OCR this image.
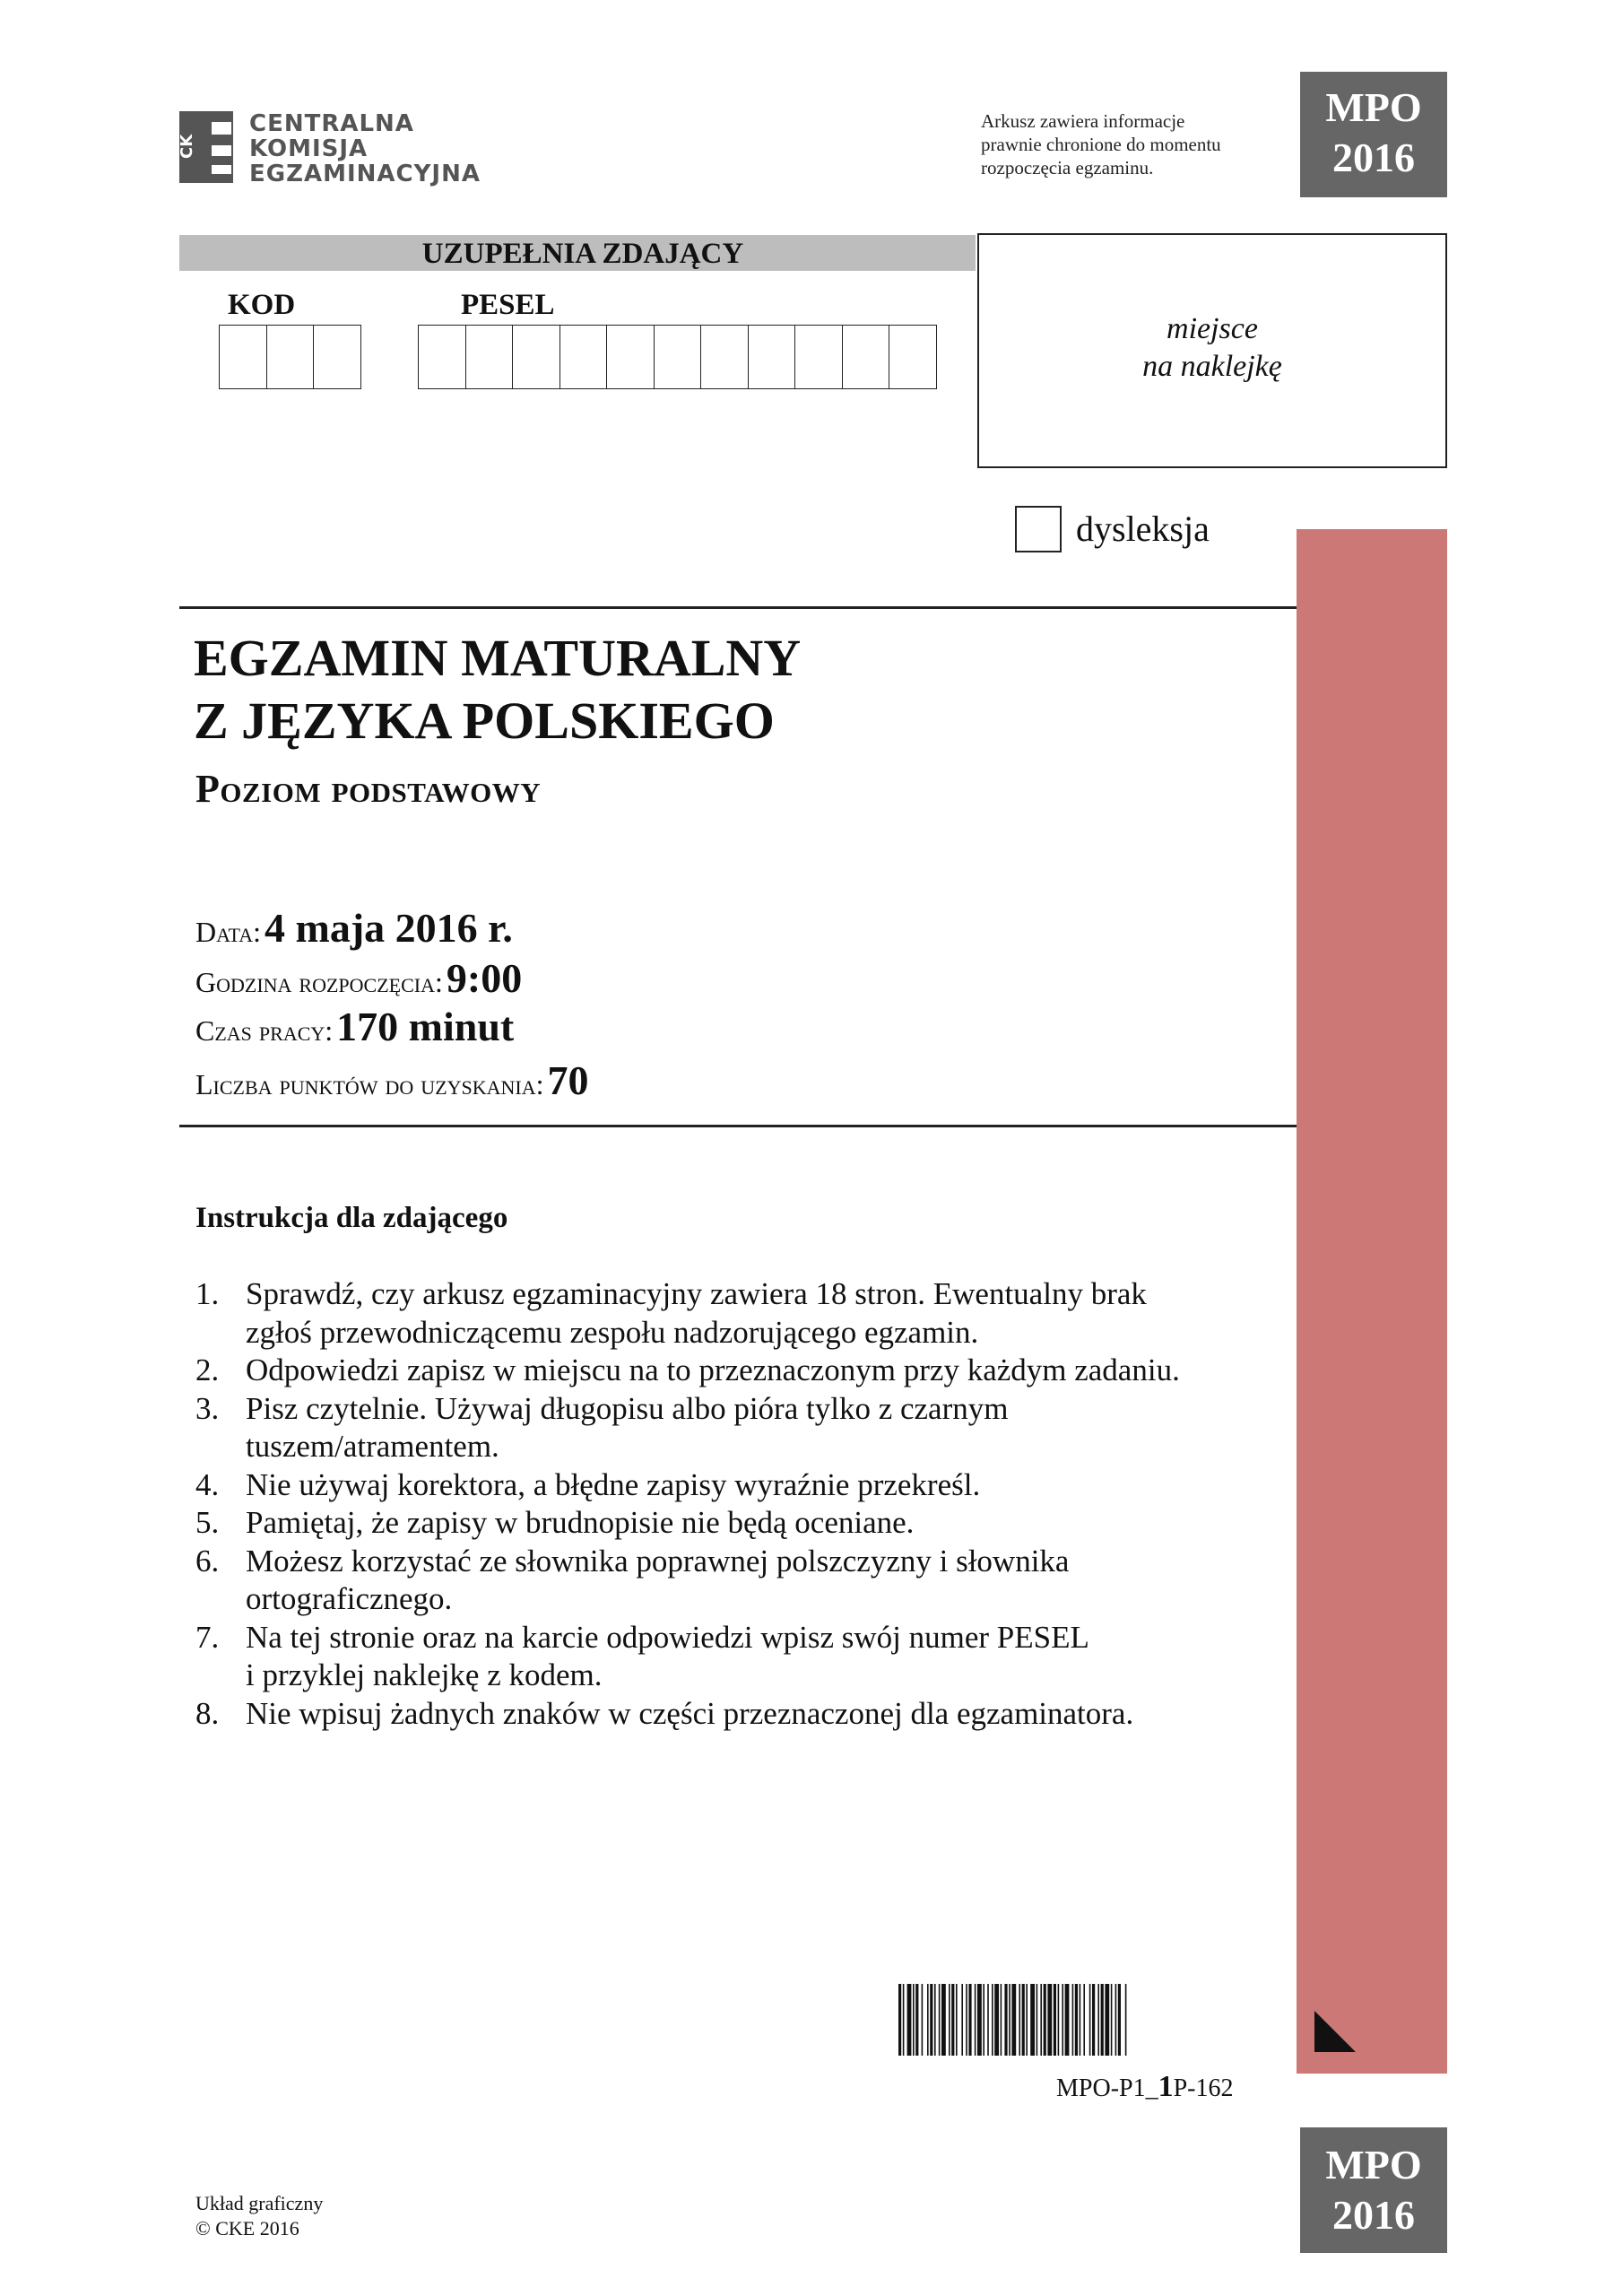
CK
CENTRALNA
KOMISJA
EGZAMINACYJNA
Arkusz zawiera informacje
prawnie chronione do momentu
rozpoczęcia egzaminu.
MPO
2016
UZUPEŁNIA ZDAJĄCY
KOD	PESEL
miejsce
na naklejkę
dysleksja
EGZAMIN MATURALNY
Z JĘZYKA POLSKIEGO
Poziom podstawowy
Data: 4 maja 2016 r.
Godzina rozpoczęcia: 9:00
Czas pracy: 170 minut
Liczba punktów do uzyskania: 70
Instrukcja dla zdającego
1. Sprawdź, czy arkusz egzaminacyjny zawiera 18 stron. Ewentualny brak
zgłoś przewodniczącemu zespołu nadzorującego egzamin.
2. Odpowiedzi zapisz w miejscu na to przeznaczonym przy każdym zadaniu.
3. Pisz czytelnie. Używaj długopisu albo pióra tylko z czarnym
tuszem/atramentem.
4. Nie używaj korektora, a błędne zapisy wyraźnie przekreśl.
5. Pamiętaj, że zapisy w brudnopisie nie będą oceniane.
6. Możesz korzystać ze słownika poprawnej polszczyzny i słownika
ortograficznego.
7. Na tej stronie oraz na karcie odpowiedzi wpisz swój numer PESEL
i przyklej naklejkę z kodem.
8. Nie wpisuj żadnych znaków w części przeznaczonej dla egzaminatora.
MPO-P1_1P-162
MPO
2016
Układ graficzny
© CKE 2016
